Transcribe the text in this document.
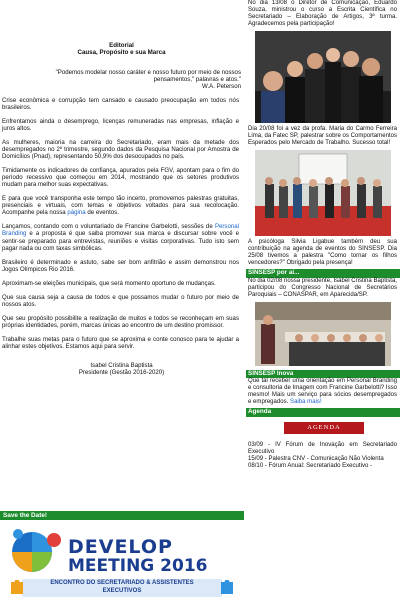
Editorial
Causa, Propósito e sua Marca
"Podemos modelar nosso caráter e nosso futuro por meio de nossos pensamentos," palavras e atos."
W.A. Peterson

Crise econômica e corrupção tem cansado e causado preocupação em todos nós brasileiros.

Enfrentamos ainda o desemprego, licenças remuneradas nas empresas, inflação e juros altos.

As mulheres, maioria na carreira do Secretariado, eram mais da metade dos desempregados no 2º trimestre, segundo dados da Pesquisa Nacional por Amostra de Domicílios (Pnad), representando 50,9% dos desocupados no país.

Timidamente os indicadores de confiança, apurados pela FGV, apontam para o fim do período recessivo que começou em 2014, mostrando que os setores produtivos mudam para melhor suas expectativas.

E para que você transponha este tempo tão incerto, promovemos palestras gratuitas, presenciais e virtuais, com temas e objetivos voltados para sua recolocação. Acompanhe pela nossa página de eventos.

Lançamos, contando com o voluntariado de Francine Garbelotti, sessões de Personal Branding e a proposta é que saiba promover sua marca e discursar sobre você e sentir-se preparado para entrevistas, reuniões e visitas corporativas. Tudo isto sem pagar nada ou com taxas simbólicas.

Brasileiro é determinado e astuto, sabe ser bom anfitrião e assim demonstrou nos Jogos Olímpicos Rio 2016.

Aproximam-se eleições municipais, que será momento oportuno de mudanças.

Que sua causa seja a causa de todos e que possamos mudar o futuro por meio de nossos atos.

Que seu propósito possibilite a realização de muitos e todos se reconheçam em suas próprias identidades, porém, marcas únicas ao encontro de um destino promissor.

Trabalhe suas metas para o futuro que se aproxima e conte conosco para te ajudar a alinhar estes objetivos. Estamos aqui para servir.

Isabel Cristina Baptista
Presidente (Gestão 2016-2020)
Save the Date!
DEVELOP
MEETING 2016
ENCONTRO DO SECRETARIADO & ASSISTENTES EXECUTIVOS

No dia 13/08 o Diretor de Comunicação, Eduardo Souza, ministrou o curso a Escrita Científica no Secretariado – Elaboração de Artigos, 3ª turma. Agradecemos pela participação!

Dia 20/08 foi a vez da profa. Maria do Carmo Ferreira Lima, da Fatec SP, palestrar sobre os Comportamentos Esperados pelo Mercado de Trabalho. Sucesso total!

A psicóloga Silvia Ligabue também deu sua contribuição na agenda de eventos do SINSESP. Dia 25/08 tivemos a palestra "Como tornar os filhos vencedores?" Obrigado pela presença!

SINSESP por aí...

No dia 02/08 nossa presidente, Isabel Cristina Baptista, participou do Congresso Nacional de Secretários Paroquiais – CONASPAR, em Aparecida/SP.

SINSESP Inova

Que tal receber uma orientação em Personal Branding e consultoria de Imagem com Francine Garbelotti? Isso mesmo! Mais um serviço para sócios desempregados e empregados. Saiba mais!

Agenda
AGENDA

03/09 - IV Fórum de Inovação em Secretariado Executivo

15/09 - Palestra CNV - Comunicação Não Violenta

08/10 - Fórum Anual: Secretariado Executivo -
